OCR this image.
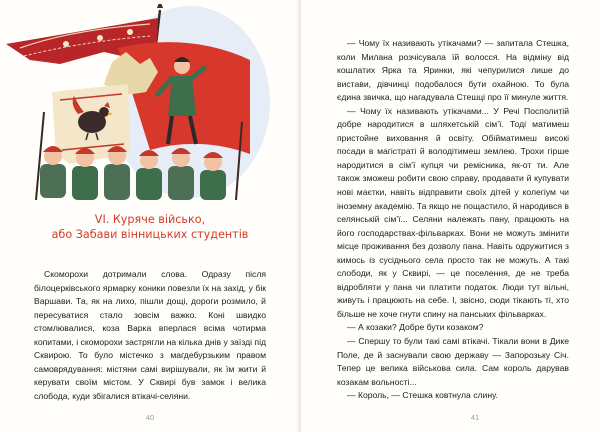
VI. Куряче військо,
або Забави вінницьких студентів

Скоморохи дотримали слова. Одразу після білоцерківського ярмарку коники повезли їх на захід, у бік Варшави. Та, як на лихо, пішли дощі, дороги розмило, й пересуватися стало зовсім важко. Коні швидко стомлювалися, коза Варка вперлася всіма чотирма копитами, і скоморохи застрягли на кілька днів у заїзді під Сквирою. То було містечко з магдебурзьким правом самоврядування: містяни самі вирішували, як їм жити й керувати своїм містом. У Сквирі був замок і велика слобода, куди збігалися втікачі-селяни.

40

— Чому їх називають утікачами? — запитала Стешка, коли Милана розчісувала їй волосся. На відміну від кошлатих Ярка та Яринки, які чепурилися лише до вистави, дівчинці подобалося бути охайною. То була єдина звичка, що нагадувала Стешці про її минуле життя.

— Чому їх називають утікачами... У Речі Посполитій добре народитися в шляхетській сім’ї. Тоді матимеш пристойне виховання й освіту. Обійматимеш високі посади в магістраті й володітимеш землею. Трохи гірше народитися в сім’ї купця чи ремісника, як-от ти. Але також зможеш робити свою справу, продавати й купувати нові маєтки, навіть відправити своїх дітей у колегіум чи іноземну академію. Та якщо не пощастило, й народився в селянській сім’ї... Селяни належать пану, працюють на його господарствах-фільварках. Вони не можуть змінити місце проживання без дозволу пана. Навіть одружитися з кимось із сусіднього села просто так не можуть. А такі слободи, як у Сквирі, — це поселення, де не треба відробляти у пана чи платити податок. Люди тут вільні, живуть і працюють на себе. І, звісно, сюди тікають ті, хто більше не хоче гнути спину на панських фільварках.

— А козаки? Добре бути козаком?

— Спершу то були такі самі втікачі. Тікали вони в Дике Поле, де й заснували свою державу — Запорозьку Січ. Тепер це велика військова сила. Сам король дарував козакам вольності...

— Король, — Стешка ковтнула слину.

41
